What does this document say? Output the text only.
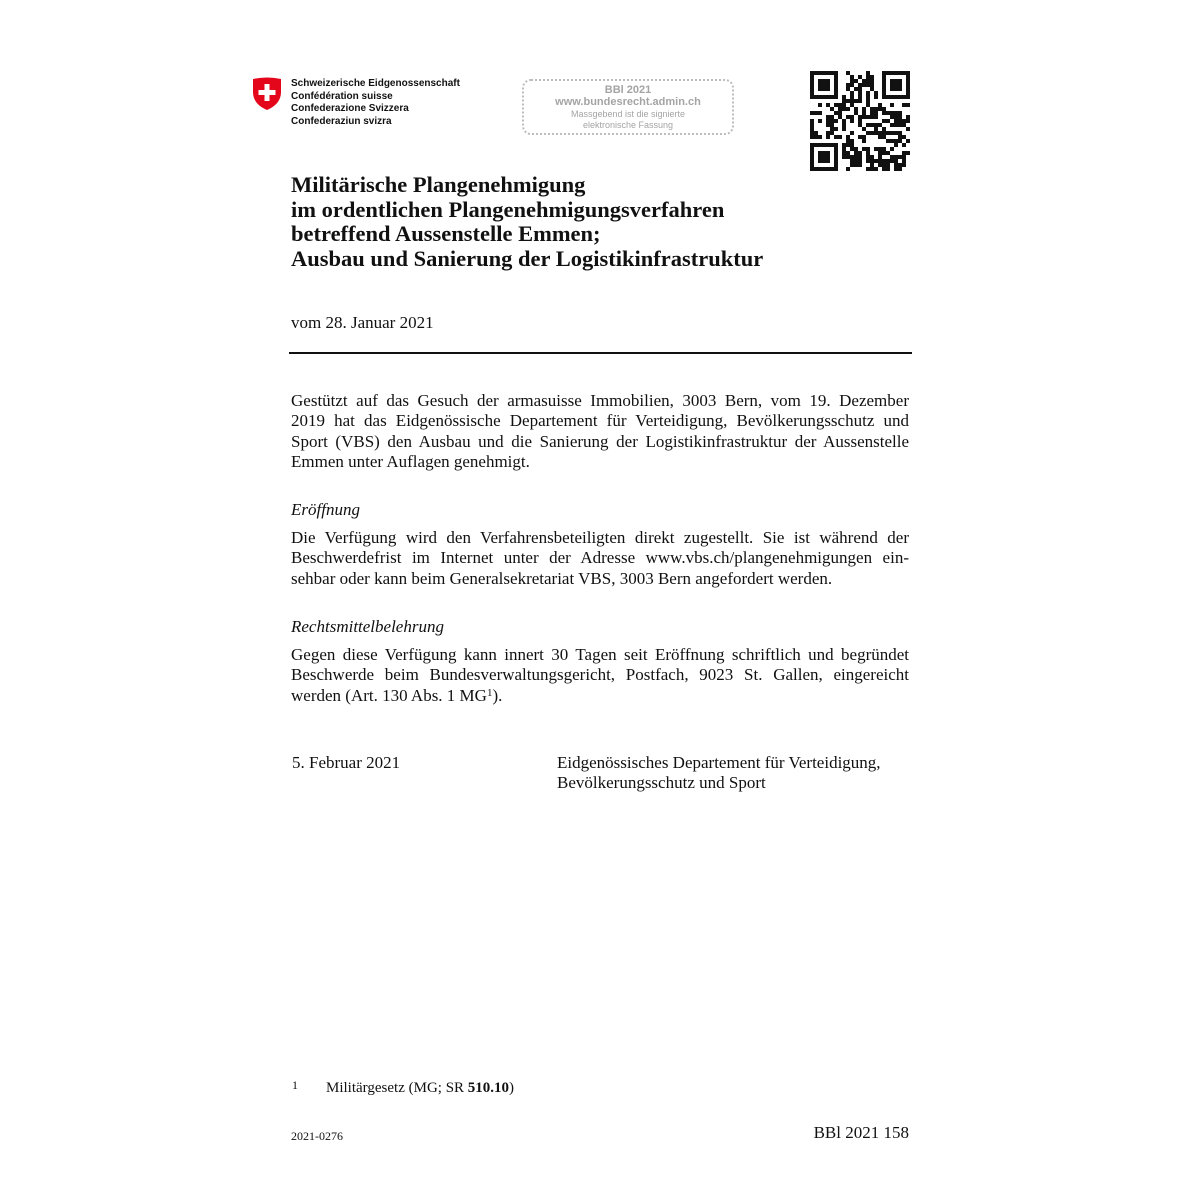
Schweizerische Eidgenossenschaft
Confédération suisse
Confederazione Svizzera
Confederaziun svizra
BBl 2021
www.bundesrecht.admin.ch
Massgebend ist die signierte
elektronische Fassung
Militärische Plangenehmigung
im ordentlichen Plangenehmigungsverfahren
betreffend Aussenstelle Emmen;
Ausbau und Sanierung der Logistikinfrastruktur
vom 28. Januar 2021
Gestützt auf das Gesuch der armasuisse Immobilien, 3003 Bern, vom 19. Dezember
2019 hat das Eidgenössische Departement für Verteidigung, Bevölkerungsschutz und
Sport (VBS) den Ausbau und die Sanierung der Logistikinfrastruktur der Aussenstelle
Emmen unter Auflagen genehmigt.
Eröffnung
Die Verfügung wird den Verfahrensbeteiligten direkt zugestellt. Sie ist während der
Beschwerdefrist im Internet unter der Adresse www.vbs.ch/plangenehmigungen ein-
sehbar oder kann beim Generalsekretariat VBS, 3003 Bern angefordert werden.
Rechtsmittelbelehrung
Gegen diese Verfügung kann innert 30 Tagen seit Eröffnung schriftlich und begründet
Beschwerde beim Bundesverwaltungsgericht, Postfach, 9023 St. Gallen, eingereicht
werden (Art. 130 Abs. 1 MG$^1$).
5. Februar 2021	Eidgenössisches Departement für Verteidigung,
Bevölkerungsschutz und Sport
1 Militärgesetz (MG; SR 510.10)
2021-0276	BBl 2021 158
